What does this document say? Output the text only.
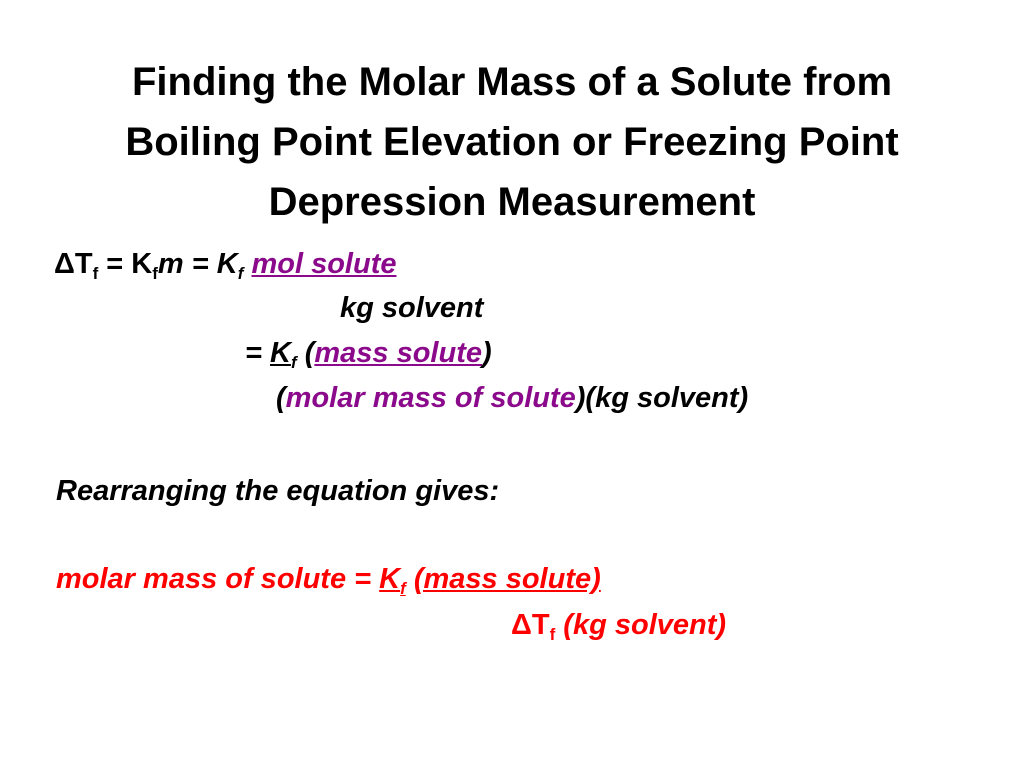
Finding the Molar Mass of a Solute from
Boiling Point Elevation or Freezing Point
Depression Measurement
$\Delta T_f = K_fm = K_f$ mol solute
kg solvent
= $K_f$ (mass solute)
(molar mass of solute)(kg solvent)
Rearranging the equation gives:
molar mass of solute = $K_f$ (mass solute)
$\Delta T_f$ (kg solvent)
